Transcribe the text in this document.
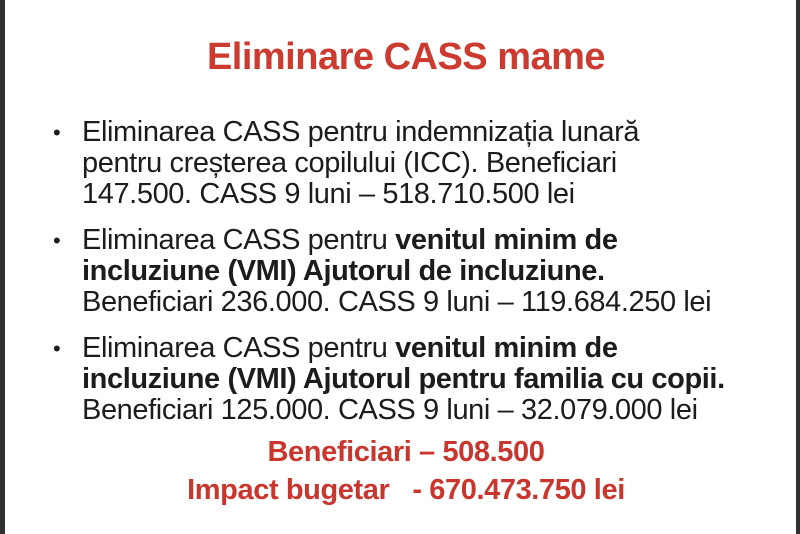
Eliminare CASS mame
• Eliminarea CASS pentru indemnizația lunară
pentru creșterea copilului (ICC). Beneficiari
147.500. CASS 9 luni – 518.710.500 lei
• Eliminarea CASS pentru venitul minim de
incluziune (VMI) Ajutorul de incluziune.
Beneficiari 236.000. CASS 9 luni – 119.684.250 lei
• Eliminarea CASS pentru venitul minim de
incluziune (VMI) Ajutorul pentru familia cu copii.
Beneficiari 125.000. CASS 9 luni – 32.079.000 lei
Beneficiari – 508.500
Impact bugetar   - 670.473.750 lei
